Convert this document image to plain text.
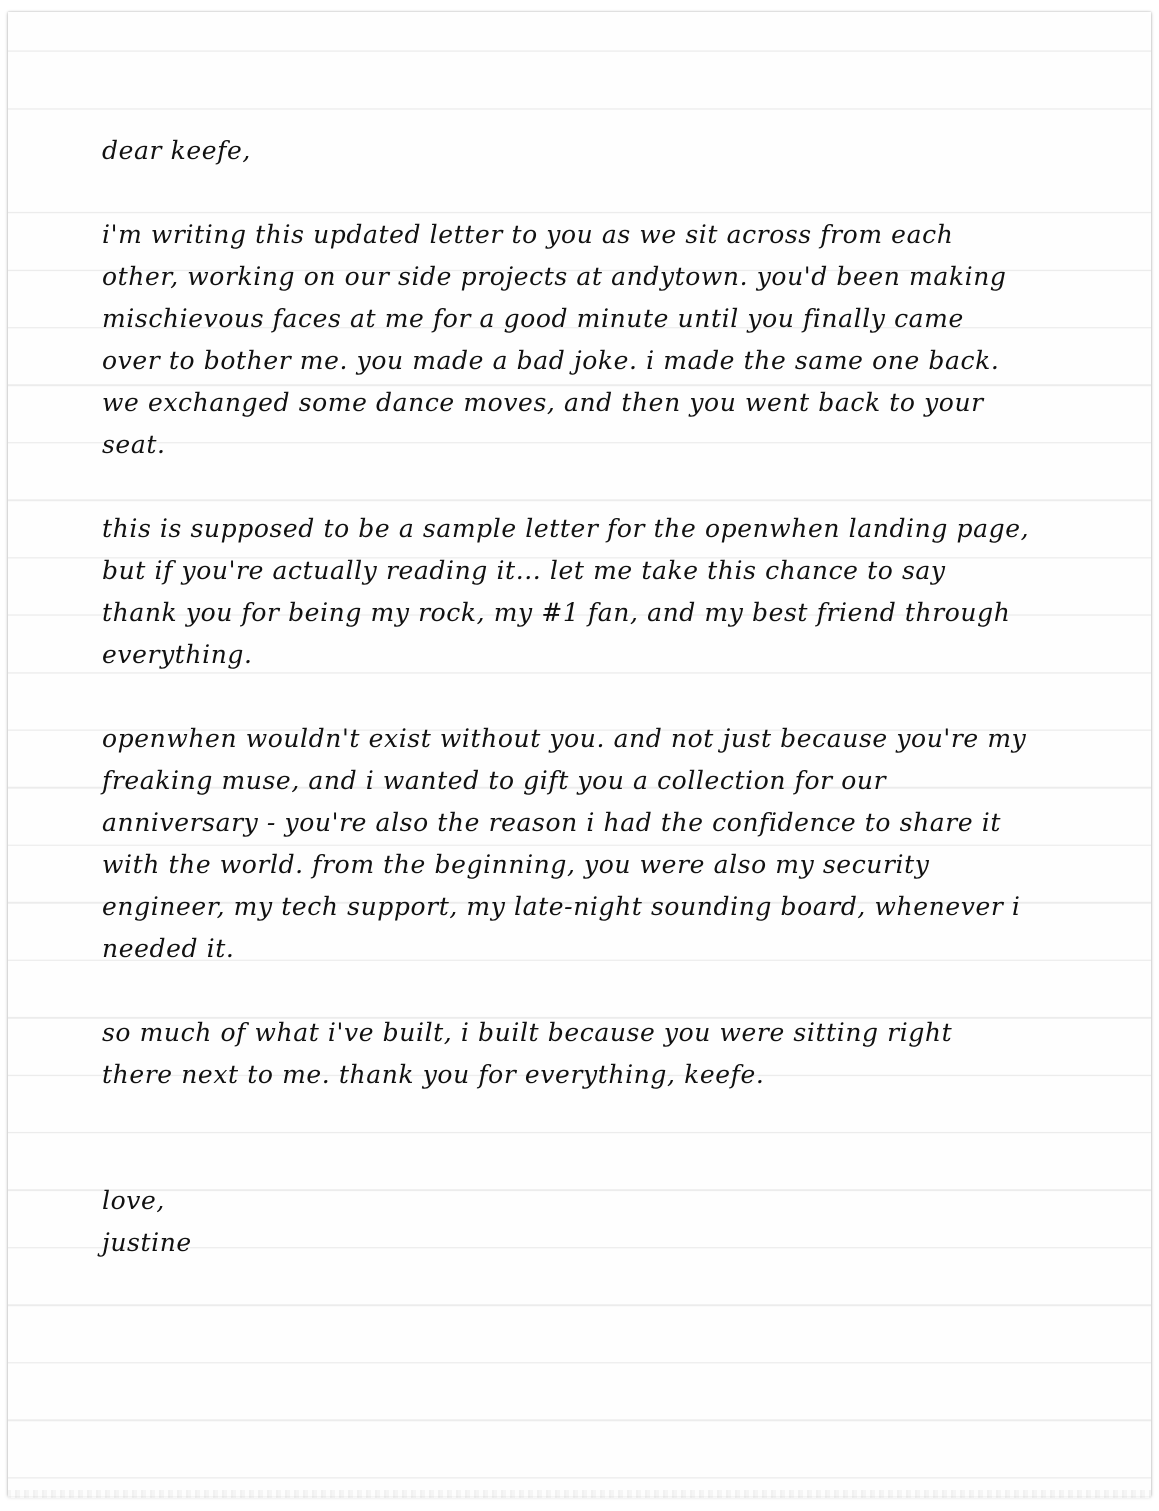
dear keefe,
i'm writing this updated letter to you as we sit across from each
other, working on our side projects at andytown. you'd been making
mischievous faces at me for a good minute until you finally came
over to bother me. you made a bad joke. i made the same one back.
we exchanged some dance moves, and then you went back to your
seat.
this is supposed to be a sample letter for the openwhen landing page,
but if you're actually reading it... let me take this chance to say
thank you for being my rock, my #1 fan, and my best friend through
everything.
openwhen wouldn't exist without you. and not just because you're my
freaking muse, and i wanted to gift you a collection for our
anniversary - you're also the reason i had the confidence to share it
with the world. from the beginning, you were also my security
engineer, my tech support, my late-night sounding board, whenever i
needed it.
so much of what i've built, i built because you were sitting right
there next to me. thank you for everything, keefe.
love,
justine
